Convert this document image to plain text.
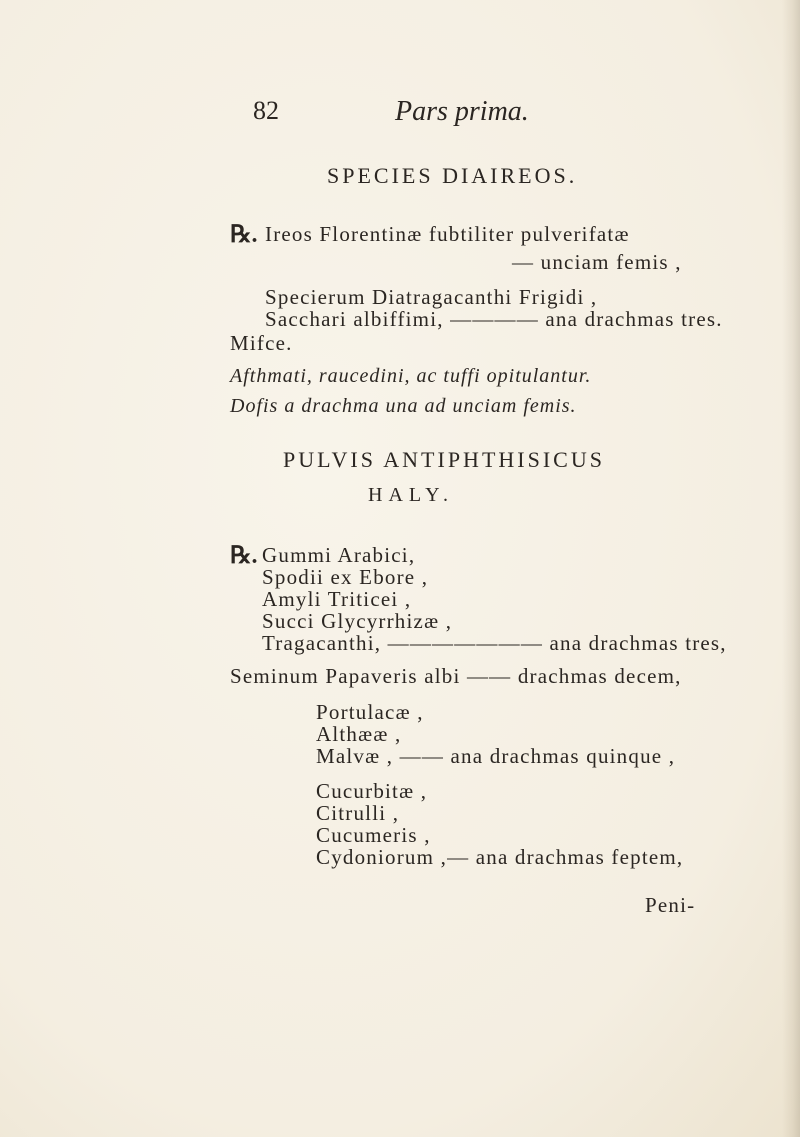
82	Pars prima.
SPECIES DIAIREOS.
℞. Ireos Florentinæ fubtiliter pulverifatæ
— unciam femis ,
Specierum Diatragacanthi Frigidi ,
Sacchari albiffimi, ———— ana drachmas tres.
Mifce.
Afthmati, raucedini, ac tuffi opitulantur.
Dofis a drachma una ad unciam femis.
PULVIS ANTIPHTHISICUS
HALY.
℞. Gummi Arabici,
Spodii ex Ebore ,
Amyli Triticei ,
Succi Glycyrrhizæ ,
Tragacanthi, ——————— ana drachmas tres,
Seminum Papaveris albi —— drachmas decem,
Portulacæ ,
Althææ ,
Malvæ , —— ana drachmas quinque ,
Cucurbitæ ,
Citrulli ,
Cucumeris ,
Cydoniorum ,— ana drachmas feptem,
Peni-
